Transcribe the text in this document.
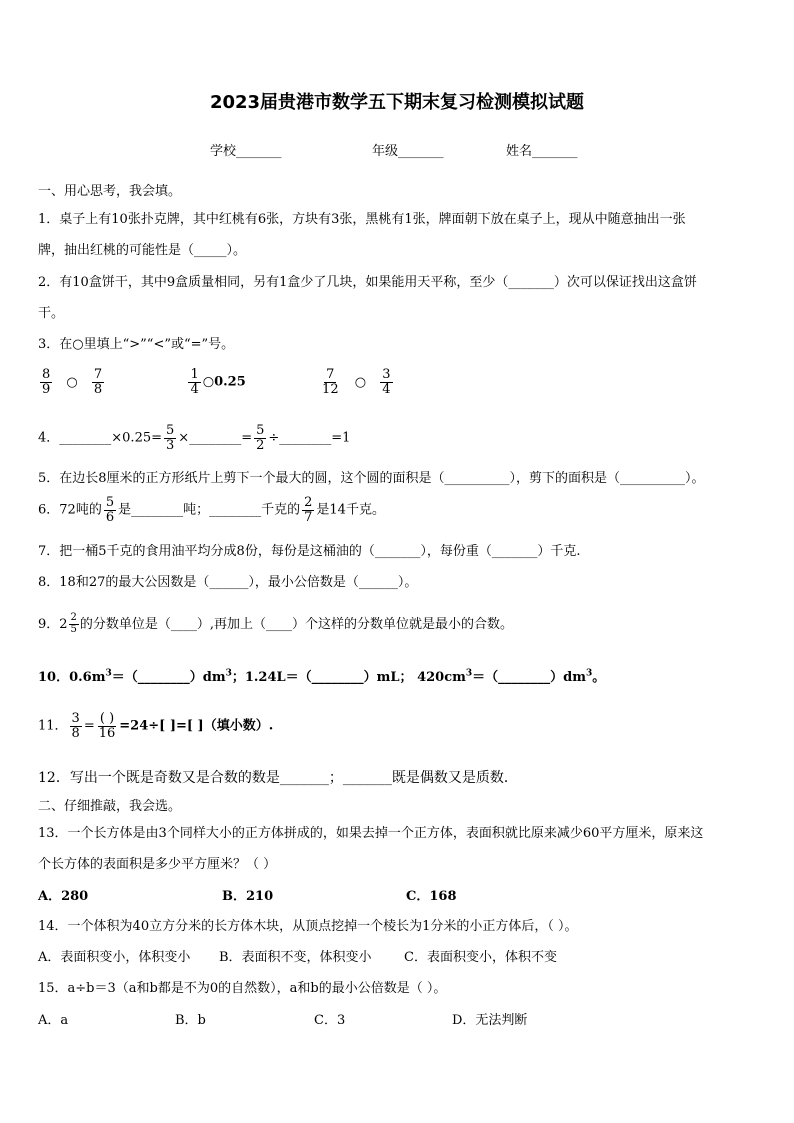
2023届贵港市数学五下期末复习检测模拟试题
学校_______	年级_______	姓名_______
一、用心思考，我会填。
1．桌子上有10张扑克牌，其中红桃有6张，方块有3张，黑桃有1张，牌面朝下放在桌子上，现从中随意抽出一张
牌，抽出红桃的可能性是（_____）。
2．有10盒饼干，其中9盒质量相同，另有1盒少了几块，如果能用天平称，至少（_______）次可以保证找出这盒饼
干。
3．在○里填上“>”“<”或“=”号。
$\frac{8}{9}$ ○ $\frac{7}{8}$
	$\frac{1}{4}$ ○0.25	$\frac{7}{12}$ ○ $\frac{3}{4}$
4．________×0.25= $\frac{5}{3}$ ×________= $\frac{5}{2}$ ÷________=1
5．在边长8厘米的正方形纸片上剪下一个最大的圆，这个圆的面积是（__________），剪下的面积是（__________）。
6．72吨的 $\frac{5}{6}$ 是________吨；________千克的 $\frac{2}{7}$ 是14千克。
7．把一桶5千克的食用油平均分成8份，每份是这桶油的（_______），每份重（_______）千克.
8．18和27的最大公因数是（______），最小公倍数是（______）。
9．$2 \frac{2}{5}$ 的分数单位是（____）,再加上（____）个这样的分数单位就是最小的合数。
10．$0.6m^3=(\_\_\_\_\_\_\_\_)dm^3$；1.24L＝（________）mL； $420cm^3=(\_\_\_\_\_\_\_\_)dm^3$。
11． $\frac{3}{8} = \frac{( )}{16} =24\div$[ ]=[ ]（填小数）.
12．写出一个既是奇数又是合数的数是_______；_______既是偶数又是质数．
二、仔细推敲，我会选。
13．一个长方体是由3个同样大小的正方体拼成的，如果去掉一个正方体，表面积就比原来减少60平方厘米，原来这
个长方体的表面积是多少平方厘米？（ ）
A．280	B．210	C．168
14．一个体积为40立方分米的长方体木块，从顶点挖掉一个棱长为1分米的小正方体后，（ ）。
A．表面积变小，体积变小 B．表面积不变，体积变小 C．表面积变小，体积不变
15．a÷b＝3（a和b都是不为0的自然数），a和b的最小公倍数是（ ）。
A．a	B．b	C．3	D．无法判断
